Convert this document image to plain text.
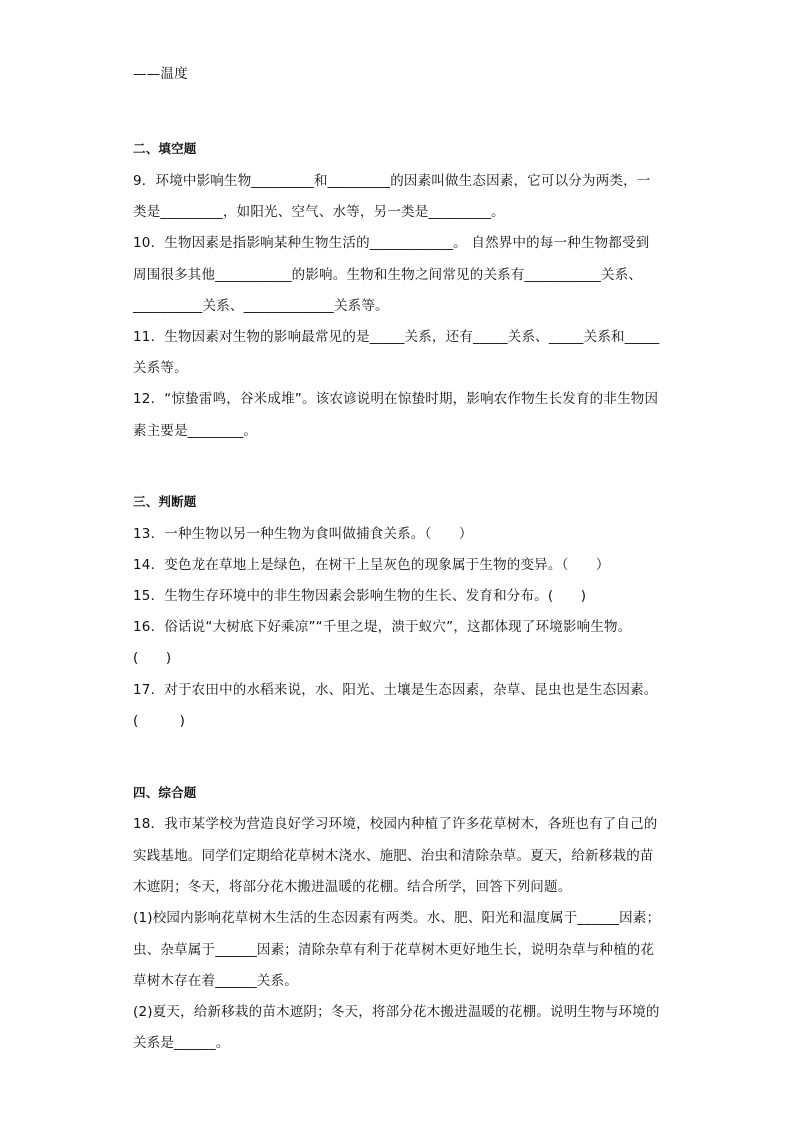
——温度
二、填空题
9．环境中影响生物_________和_________的因素叫做生态因素，它可以分为两类，一
类是_________，如阳光、空气、水等，另一类是_________。
10．生物因素是指影响某种生物生活的____________。 自然界中的每一种生物都受到
周围很多其他___________的影响。生物和生物之间常见的关系有___________关系、
__________关系、_____________关系等。
11．生物因素对生物的影响最常见的是_____关系，还有_____关系、_____关系和_____
关系等。
12．“惊蛰雷鸣，谷米成堆”。该农谚说明在惊蛰时期，影响农作物生长发育的非生物因
素主要是________。
三、判断题
13．一种生物以另一种生物为食叫做捕食关系。（　　）
14．变色龙在草地上是绿色，在树干上呈灰色的现象属于生物的变异。（　　）
15．生物生存环境中的非生物因素会影响生物的生长、发育和分布。(　　)
16．俗话说“大树底下好乘凉”“千里之堤，溃于蚁穴”，这都体现了环境影响生物。
(　　)
17．对于农田中的水稻来说，水、阳光、土壤是生态因素，杂草、昆虫也是生态因素。
(　　　)
四、综合题
18．我市某学校为营造良好学习环境，校园内种植了许多花草树木，各班也有了自己的
实践基地。同学们定期给花草树木浇水、施肥、治虫和清除杂草。夏天，给新移栽的苗
木遮阴；冬天，将部分花木搬进温暖的花棚。结合所学，回答下列问题。
(1)校园内影响花草树木生活的生态因素有两类。水、肥、阳光和温度属于______因素；
虫、杂草属于______因素；清除杂草有利于花草树木更好地生长，说明杂草与种植的花
草树木存在着______关系。
(2)夏天，给新移栽的苗木遮阴；冬天，将部分花木搬进温暖的花棚。说明生物与环境的
关系是______。
